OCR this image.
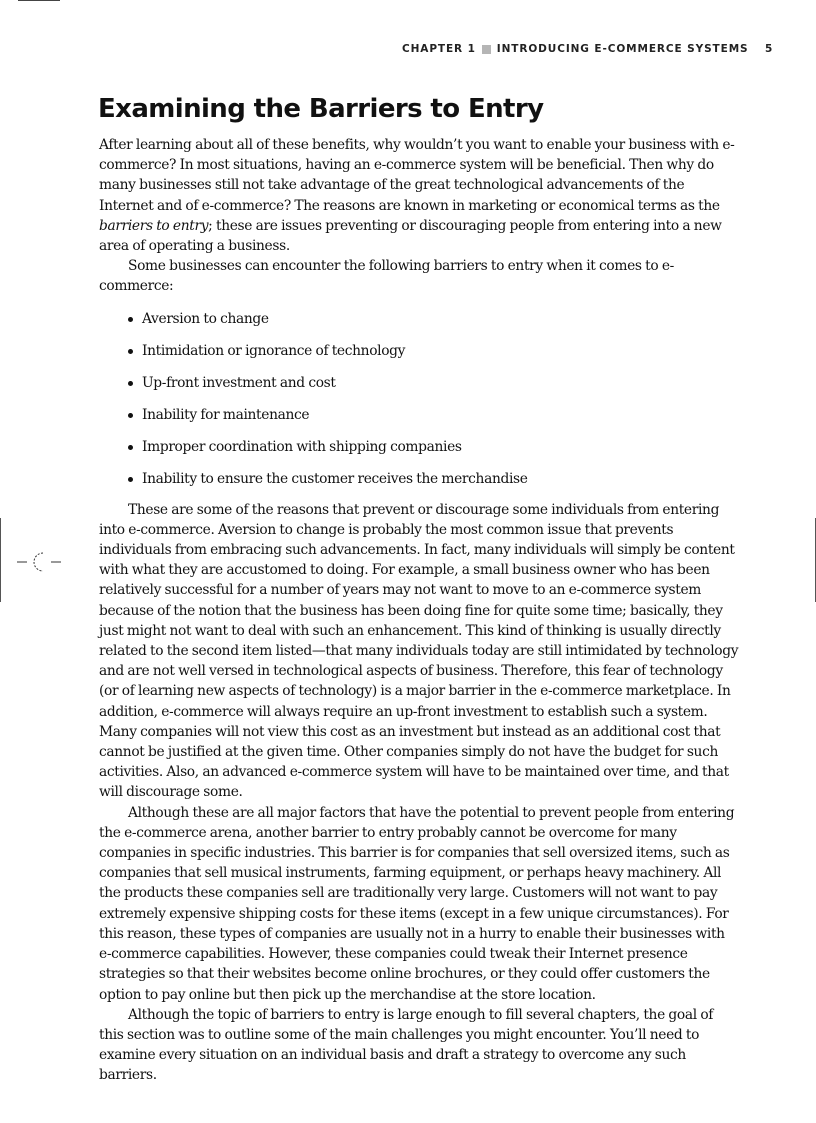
CHAPTER 1 INTRODUCING E-COMMERCE SYSTEMS 5
Examining the Barriers to Entry

After learning about all of these benefits, why wouldn’t you want to enable your business with e-commerce? In most situations, having an e-commerce system will be beneficial. Then why do many businesses still not take advantage of the great technological advancements of the Internet and of e-commerce? The reasons are known in marketing or economical terms as the barriers to entry; these are issues preventing or discouraging people from entering into a new area of operating a business.

Some businesses can encounter the following barriers to entry when it comes to e-commerce:

Aversion to change
Intimidation or ignorance of technology
Up-front investment and cost
Inability for maintenance
Improper coordination with shipping companies
Inability to ensure the customer receives the merchandise

These are some of the reasons that prevent or discourage some individuals from entering into e-commerce. Aversion to change is probably the most common issue that prevents individuals from embracing such advancements. In fact, many individuals will simply be content with what they are accustomed to doing. For example, a small business owner who has been relatively successful for a number of years may not want to move to an e-commerce system because of the notion that the business has been doing fine for quite some time; basically, they just might not want to deal with such an enhancement. This kind of thinking is usually directly related to the second item listed—that many individuals today are still intimidated by technology and are not well versed in technological aspects of business. Therefore, this fear of technology (or of learning new aspects of technology) is a major barrier in the e-commerce marketplace. In addition, e-commerce will always require an up-front investment to establish such a system. Many companies will not view this cost as an investment but instead as an additional cost that cannot be justified at the given time. Other companies simply do not have the budget for such activities. Also, an advanced e-commerce system will have to be maintained over time, and that will discourage some.

Although these are all major factors that have the potential to prevent people from entering the e-commerce arena, another barrier to entry probably cannot be overcome for many companies in specific industries. This barrier is for companies that sell oversized items, such as companies that sell musical instruments, farming equipment, or perhaps heavy machinery. All the products these companies sell are traditionally very large. Customers will not want to pay extremely expensive shipping costs for these items (except in a few unique circumstances). For this reason, these types of companies are usually not in a hurry to enable their businesses with e-commerce capabilities. However, these companies could tweak their Internet presence strategies so that their websites become online brochures, or they could offer customers the option to pay online but then pick up the merchandise at the store location.

Although the topic of barriers to entry is large enough to fill several chapters, the goal of this section was to outline some of the main challenges you might encounter. You’ll need to examine every situation on an individual basis and draft a strategy to overcome any such barriers.
